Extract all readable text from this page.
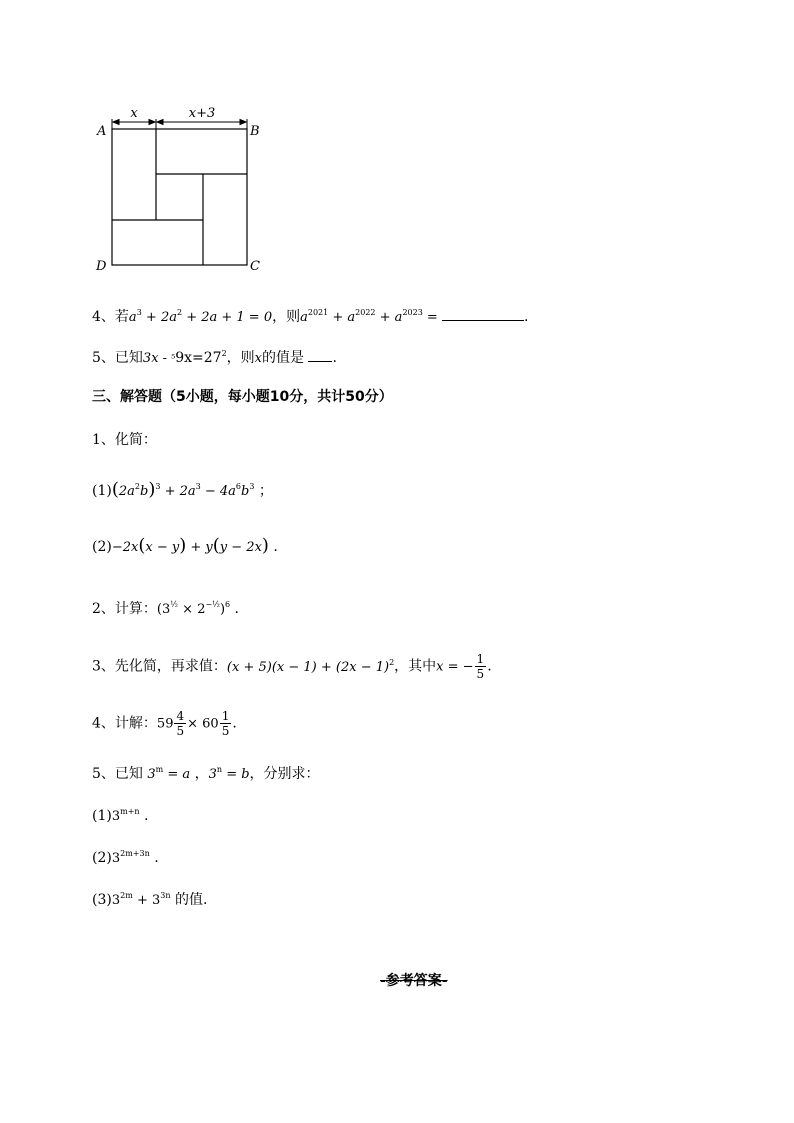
x	x+3
A	B
C
D
4、若$a^3 + 2a^2 + 2a + 1 = 0$，则$a^{2021} + a^{2022} + a^{2023}$ =	.
5、已知$3x - ^59x=27^2$，则x的值是 .
三、解答题（5小题，每小题10分，共计50分）
1、化简：
$(1)(2a^2b)^3 + 2a^3 - 4a^6b^3$ ；
(2)−2x(x − y) + y(y − 2x) .
2、计算：$(3^{\frac{1}{2}} \times 2^{-\frac{1}{2}})^6$ .
3、先化简，再求值：$(x + 5)(x - 1) + (2x - 1)^2$，其中x = − $\frac{1}{5}$ .
4、计解：$59 \frac{4}{5} \times 60 \frac{1}{5}$ .
5、已知 $3^m = a$ ，$3^n = b$，分别求：
$(1)3^{m+n}$ .
$(2)3^{2m+3n}$ .
$(3)3^{2m} + 3^{3n}$ 的值.
-参考答案-
